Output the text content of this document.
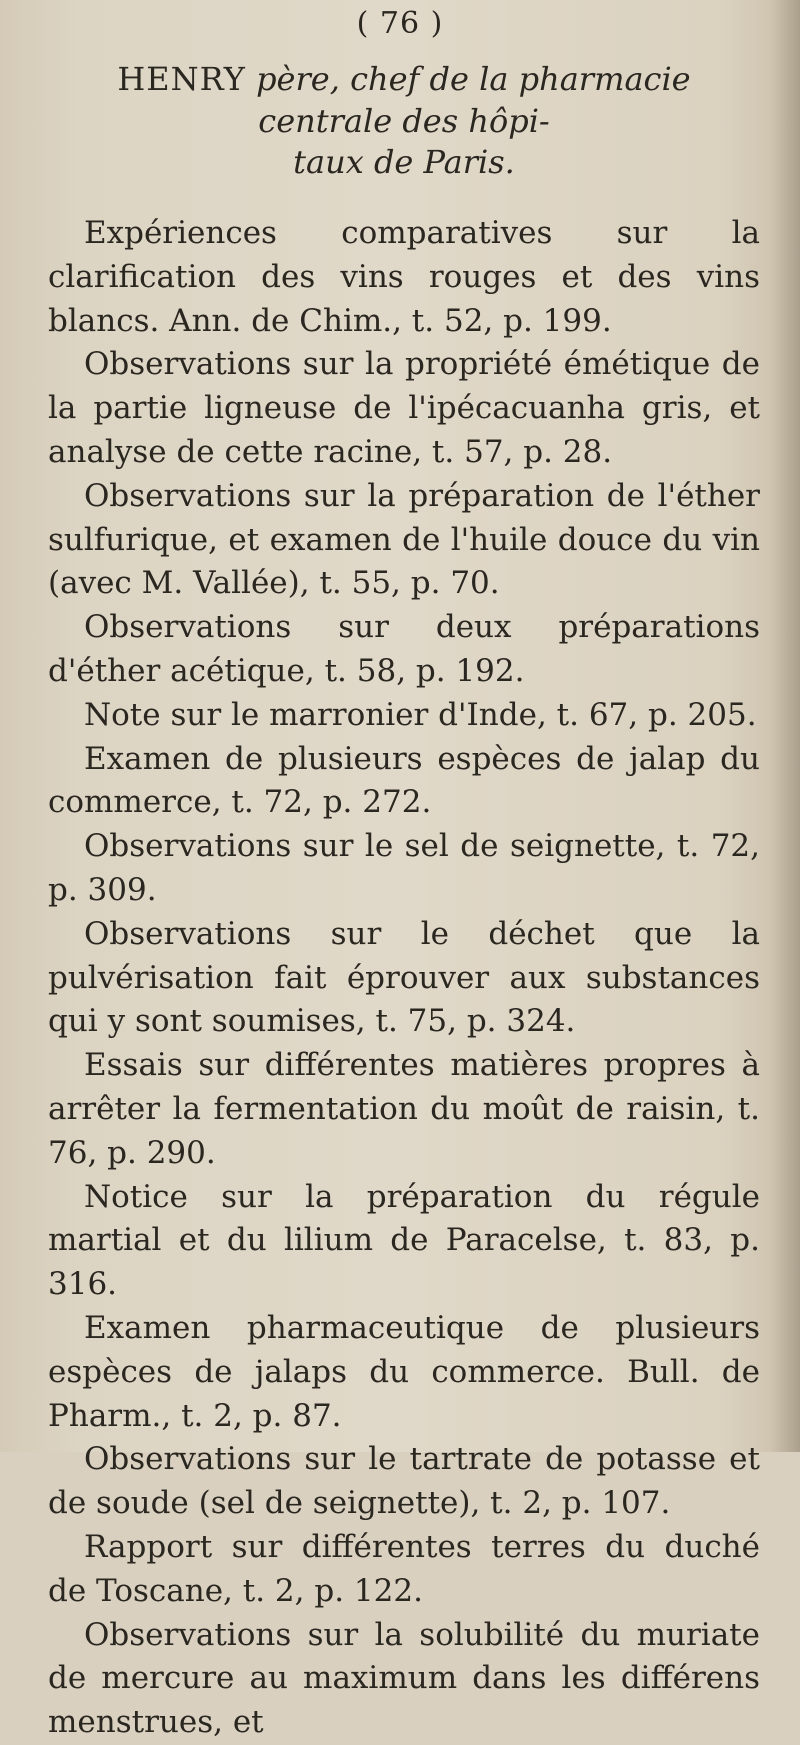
( 76 )

HENRY père, chef de la pharmacie centrale des hôpi-

taux de Paris.

Expériences comparatives sur la clarification des vins rouges et des vins blancs. Ann. de Chim., t. 52, p. 199.

Observations sur la propriété émétique de la partie ligneuse de l'ipécacuanha gris, et analyse de cette racine, t. 57, p. 28.

Observations sur la préparation de l'éther sulfurique, et examen de l'huile douce du vin (avec M. Vallée), t. 55, p. 70.

Observations sur deux préparations d'éther acétique, t. 58, p. 192.

Note sur le marronier d'Inde, t. 67, p. 205.

Examen de plusieurs espèces de jalap du commerce, t. 72, p. 272.

Observations sur le sel de seignette, t. 72, p. 309.

Observations sur le déchet que la pulvérisation fait éprouver aux substances qui y sont soumises, t. 75, p. 324.

Essais sur différentes matières propres à arrêter la fermentation du moût de raisin, t. 76, p. 290.

Notice sur la préparation du régule martial et du lilium de Paracelse, t. 83, p. 316.

Examen pharmaceutique de plusieurs espèces de jalaps du commerce. Bull. de Pharm., t. 2, p. 87.

Observations sur le tartrate de potasse et de soude (sel de seignette), t. 2, p. 107.

Rapport sur différentes terres du duché de Toscane, t. 2, p. 122.

Observations sur la solubilité du muriate de mercure au maximum dans les différens menstrues, et
